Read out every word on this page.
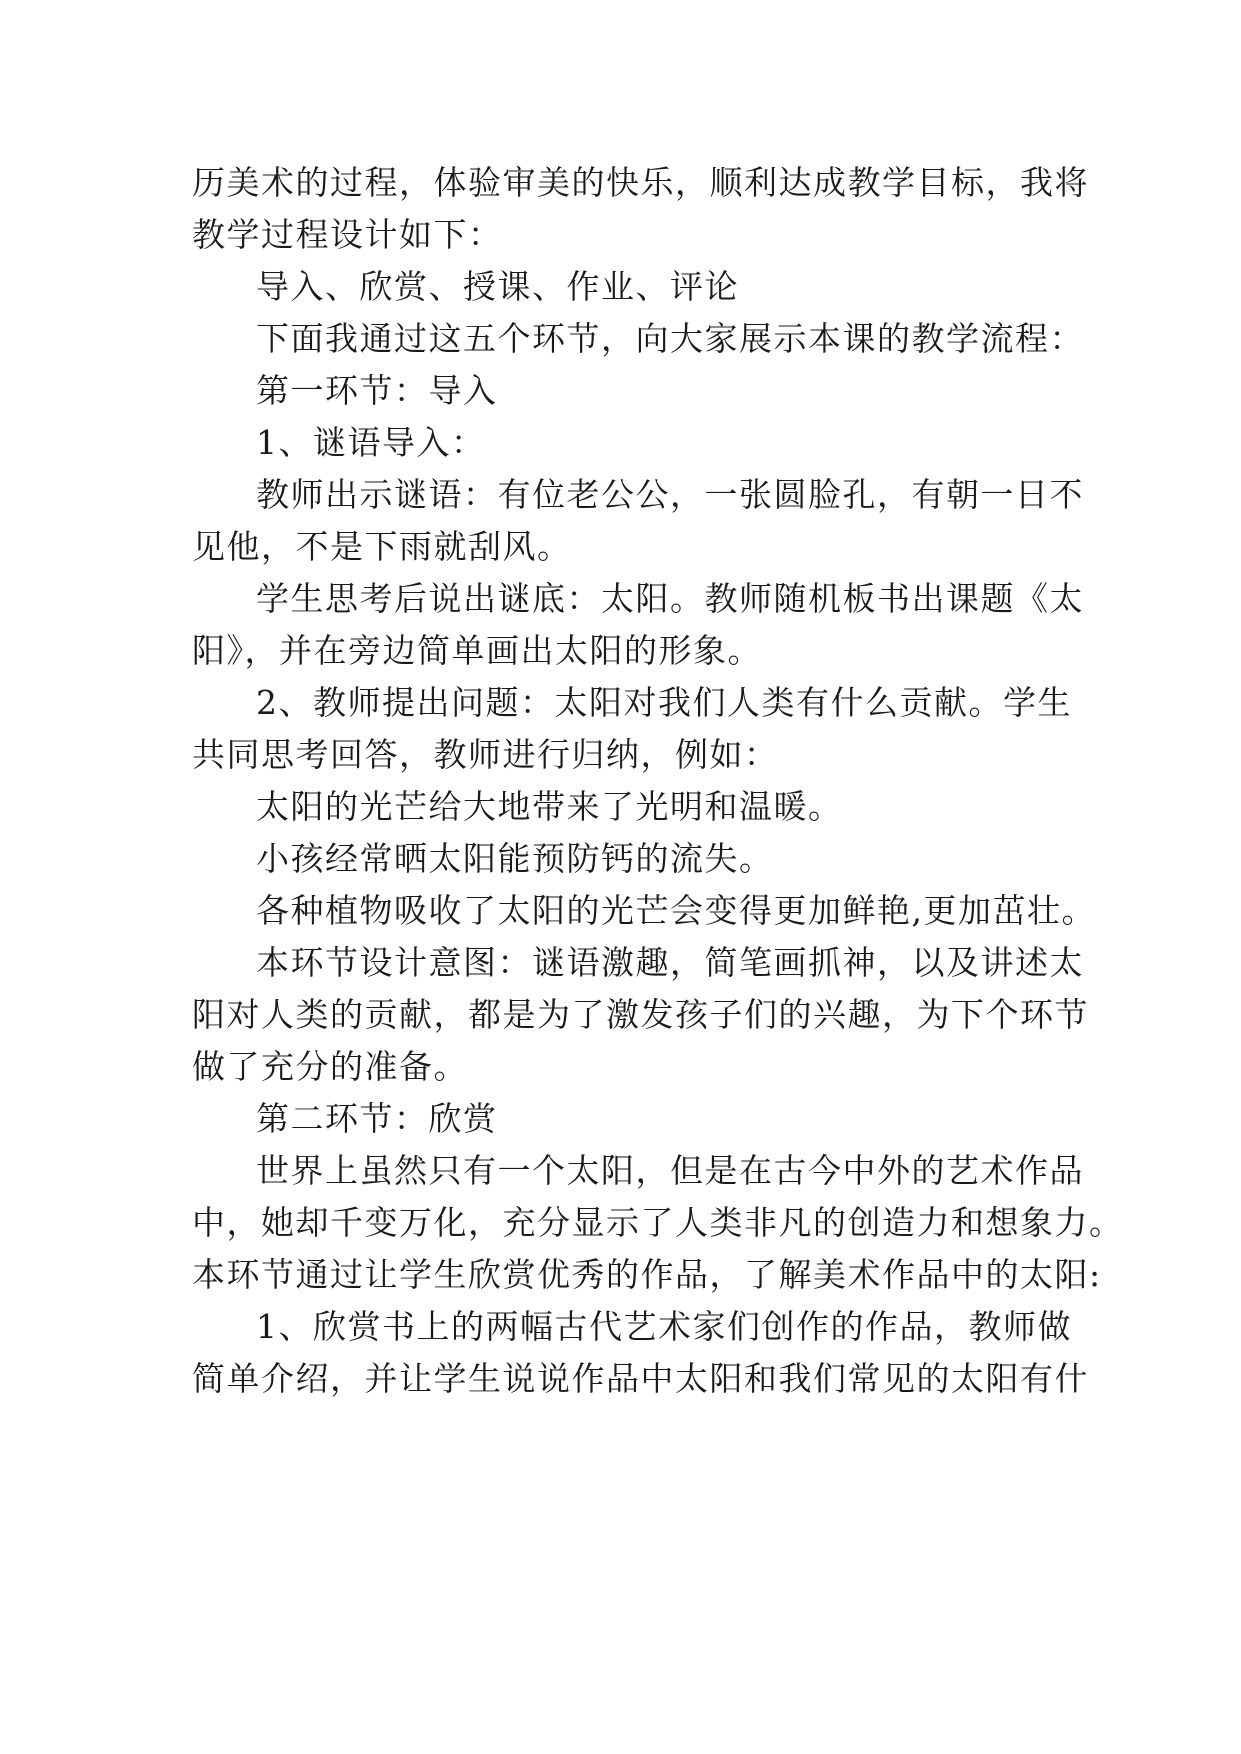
历美术的过程，体验审美的快乐，顺利达成教学目标，我将
教学过程设计如下：
导入、欣赏、授课、作业、评论
下面我通过这五个环节，向大家展示本课的教学流程：
第一环节：导入
1、谜语导入：
教师出示谜语：有位老公公，一张圆脸孔，有朝一日不
见他，不是下雨就刮风。
学生思考后说出谜底：太阳。教师随机板书出课题《太
阳》，并在旁边简单画出太阳的形象。
2、教师提出问题：太阳对我们人类有什么贡献。学生
共同思考回答，教师进行归纳，例如：
太阳的光芒给大地带来了光明和温暖。
小孩经常晒太阳能预防钙的流失。
各种植物吸收了太阳的光芒会变得更加鲜艳,更加茁壮。
本环节设计意图：谜语激趣，简笔画抓神，以及讲述太
阳对人类的贡献，都是为了激发孩子们的兴趣，为下个环节
做了充分的准备。
第二环节：欣赏
世界上虽然只有一个太阳，但是在古今中外的艺术作品
中，她却千变万化，充分显示了人类非凡的创造力和想象力。
本环节通过让学生欣赏优秀的作品，了解美术作品中的太阳:
1、欣赏书上的两幅古代艺术家们创作的作品，教师做
简单介绍，并让学生说说作品中太阳和我们常见的太阳有什
